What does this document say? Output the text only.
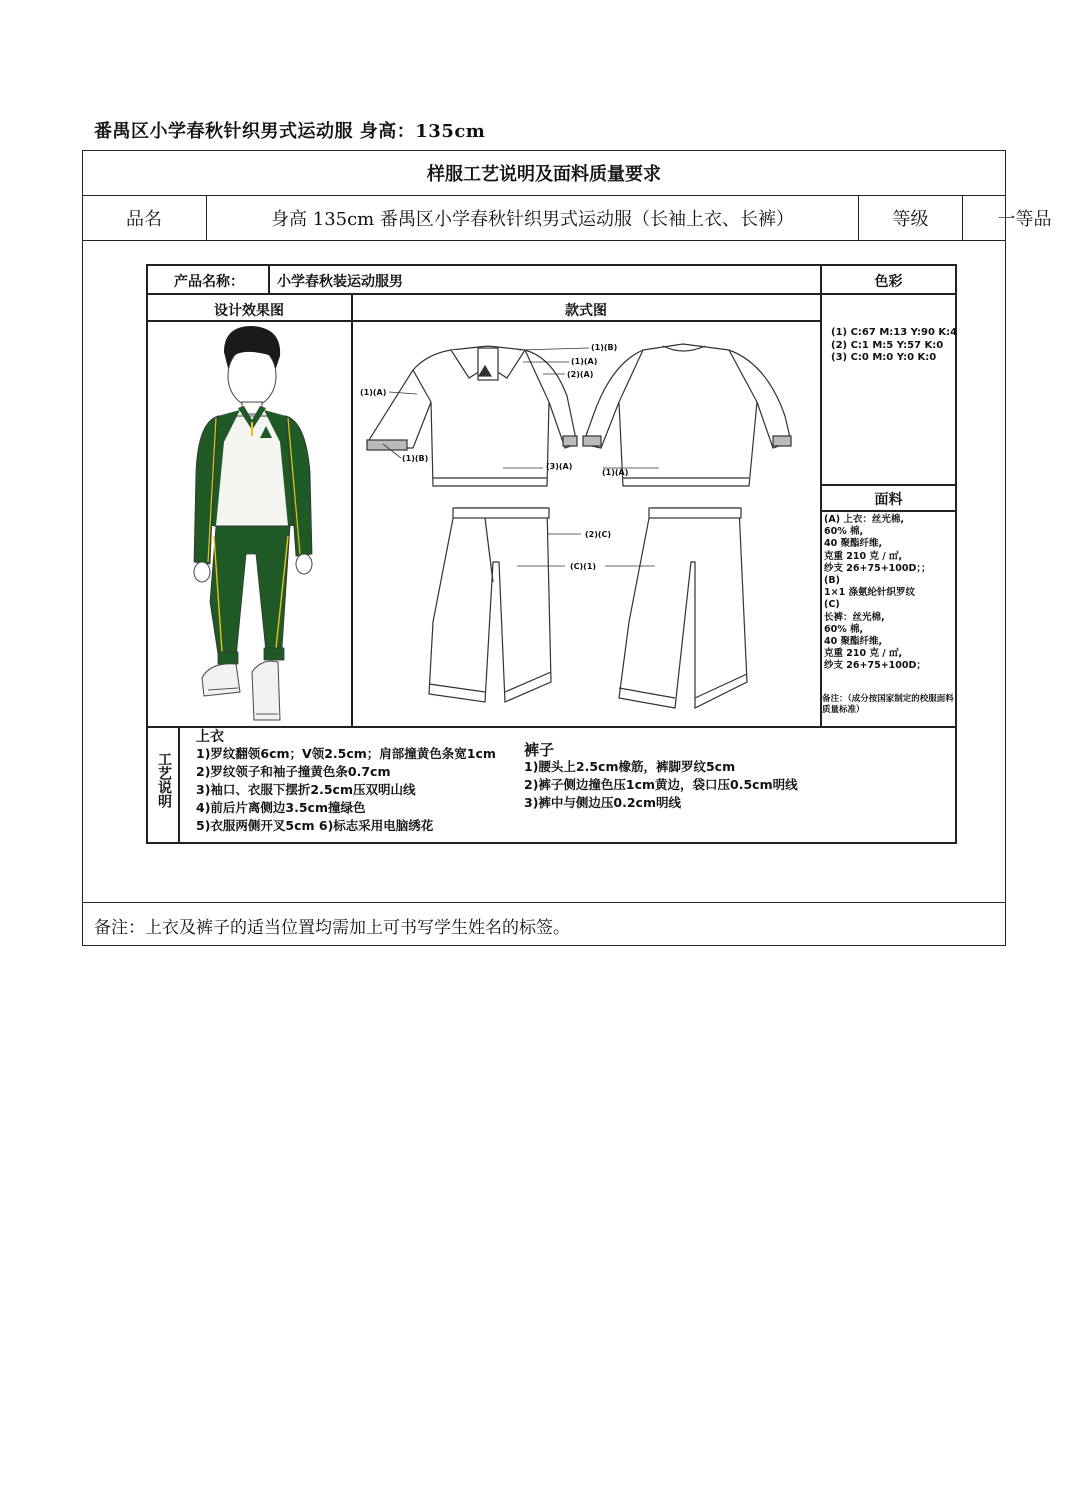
番禺区小学春秋针织男式运动服 身高：135cm
样服工艺说明及面料质量要求
品名	身高 135cm 番禺区小学春秋针织男式运动服（长袖上衣、长裤）	等级	一等品
备注：上衣及裤子的适当位置均需加上可书写学生姓名的标签。
产品名称： 小学春秋装运动服男	色彩
设计效果图	款式图
(1) C:67 M:13 Y:90 K:4
(2) C:1 M:5 Y:57 K:0
(3) C:0 M:0 Y:0 K:0
面料
(A) 上衣：丝光棉,
60% 棉,
40 聚酯纤维,
克重 210 克 / ㎡,
纱支 26+75+100D；；
(B)
1×1 涤氨纶针织罗纹
(C)
长裤：丝光棉,
60% 棉,
40 聚酯纤维,
克重 210 克 / ㎡,
纱支 26+75+100D；
备注：（成分按国家制定的校服面料质量标准）
工艺说明
上衣
1)罗纹翻领6cm；V领2.5cm；肩部撞黄色条宽1cm
2)罗纹领子和袖子撞黄色条0.7cm
3)袖口、衣服下摆折2.5cm压双明山线
4)前后片离侧边3.5cm撞绿色
5)衣服两侧开叉5cm 6)标志采用电脑绣花
裤子
1)腰头上2.5cm橡筋，裤脚罗纹5cm
2)裤子侧边撞色压1cm黄边，袋口压0.5cm明线
3)裤中与侧边压0.2cm明线
(1)(B)
(1)(A)
(2)(A)
(1)(A)
(1)(B)
(3)(A)
(1)(A)
(2)(C)
(C)(1)
